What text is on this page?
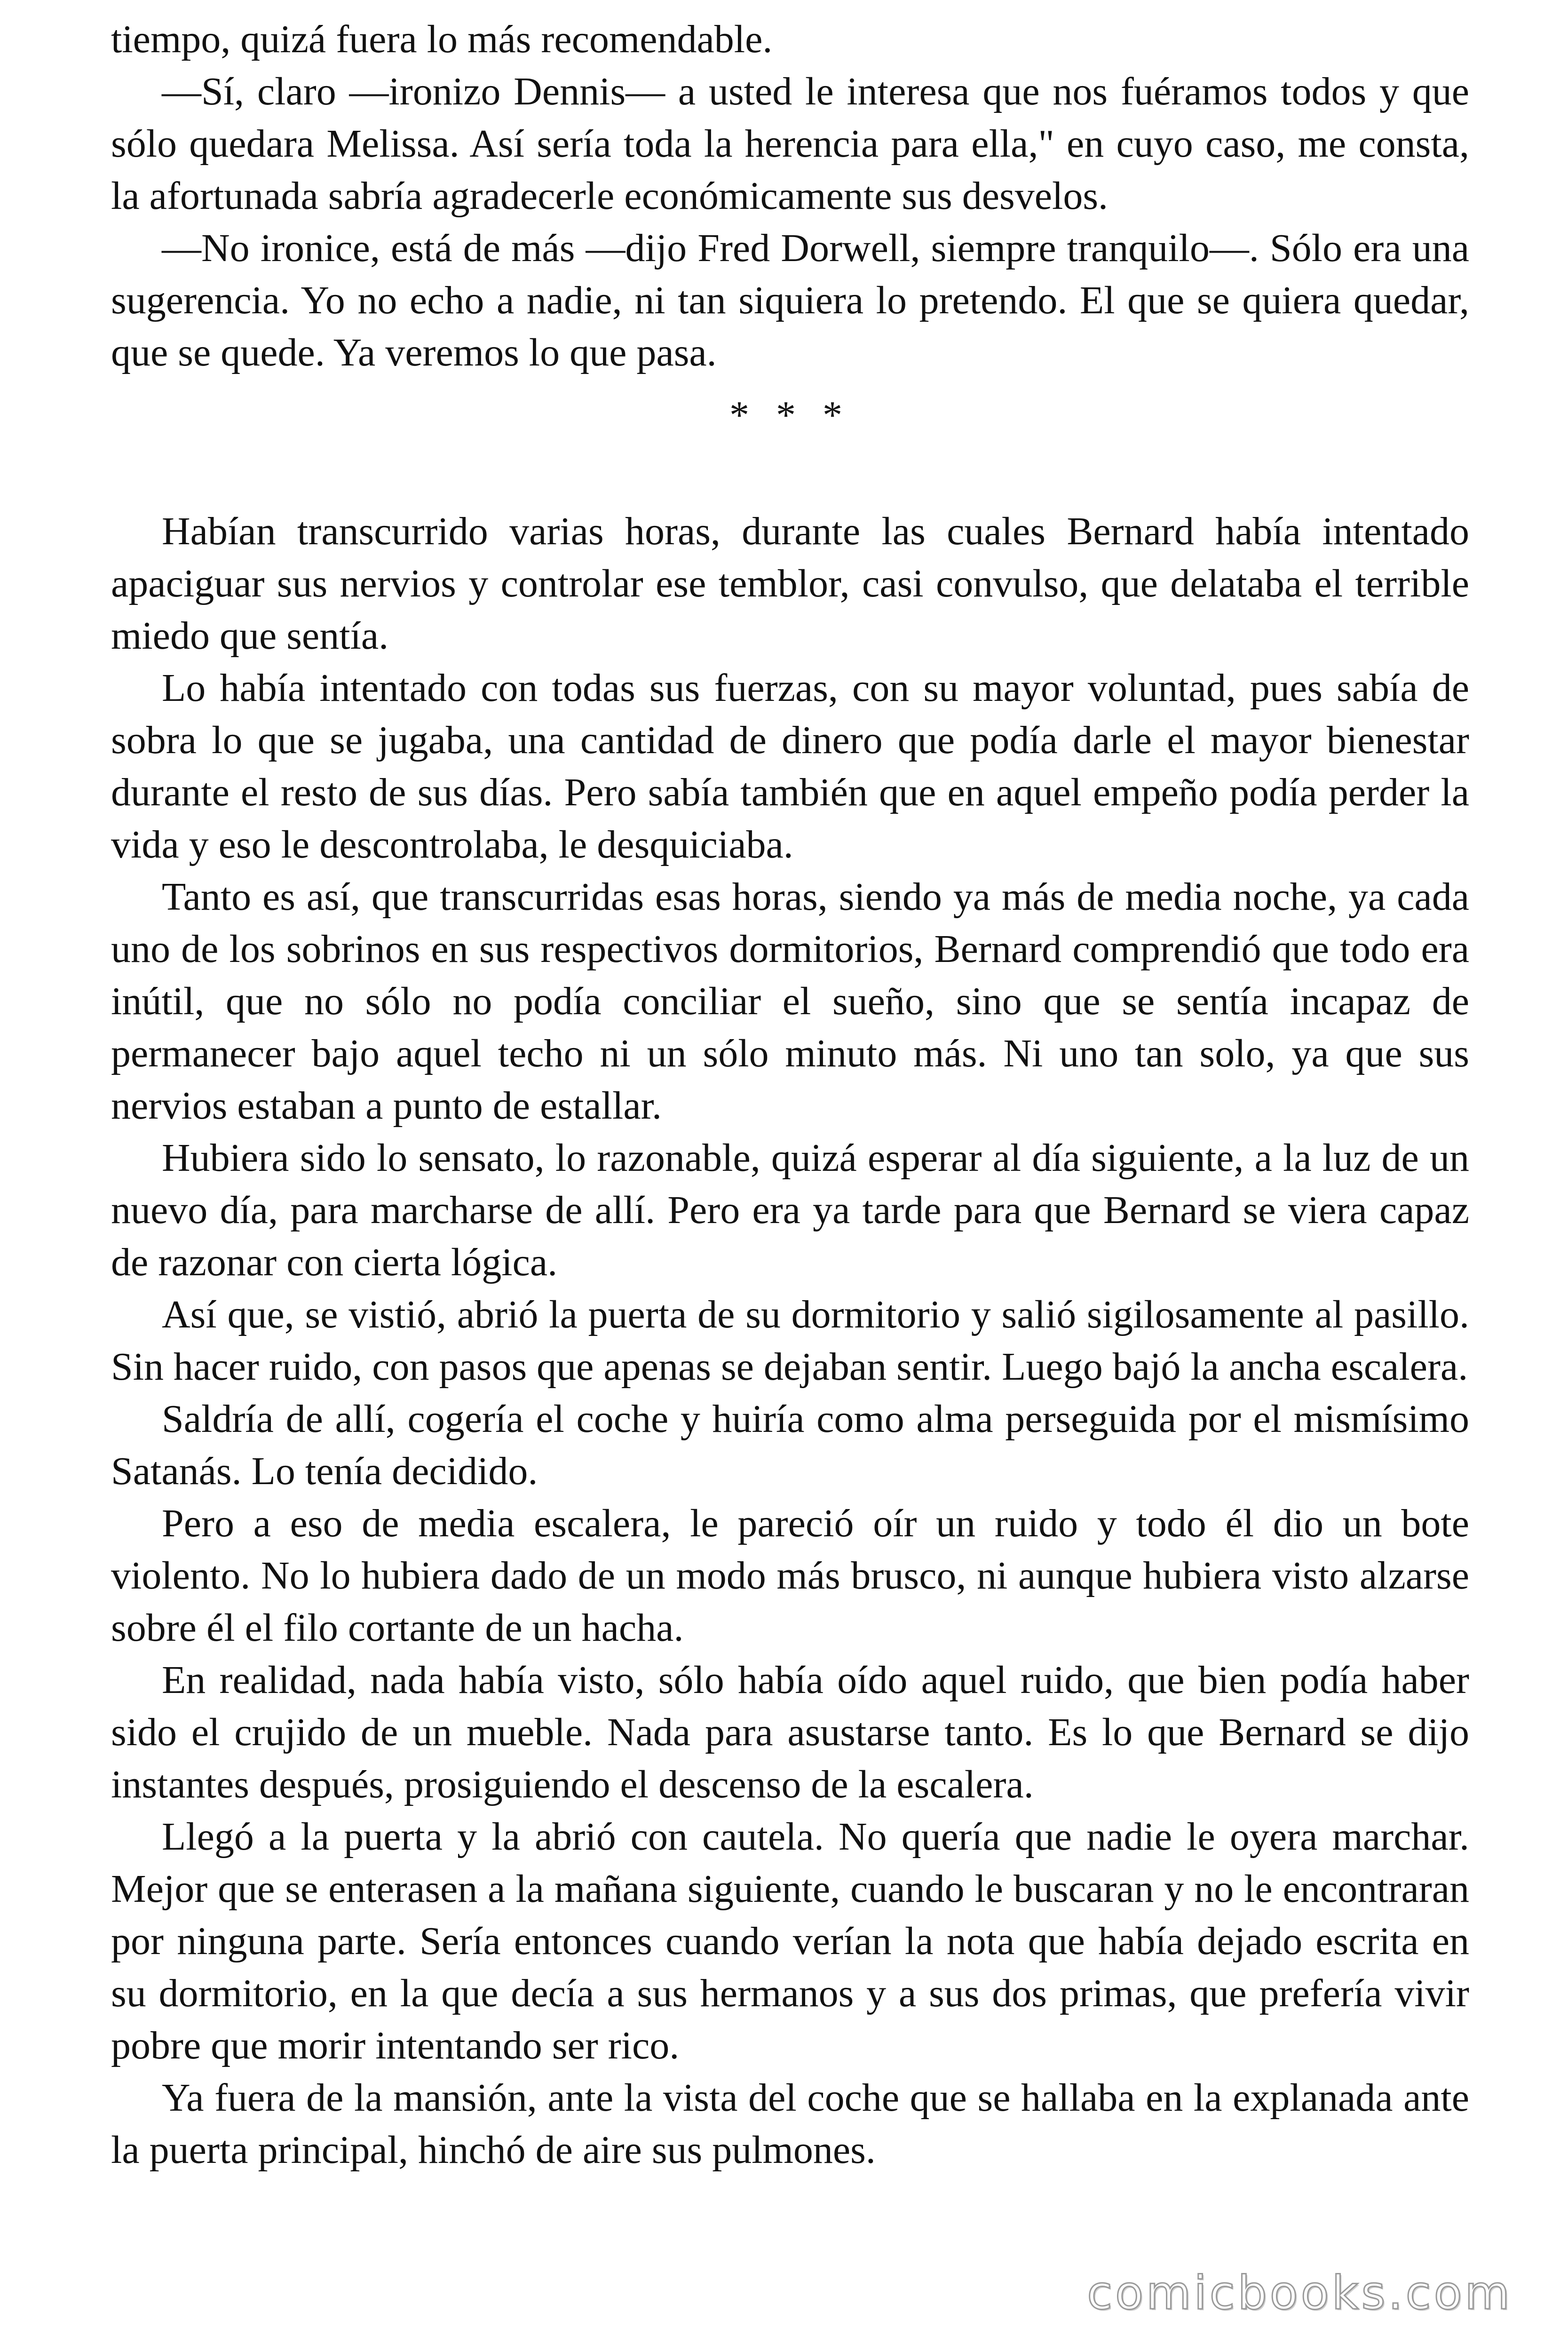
tiempo, quizá fuera lo más recomendable.

—Sí, claro —ironizo Dennis— a usted le interesa que nos fuéramos todos y que sólo quedara Melissa. Así sería toda la herencia para ella," en cuyo caso, me consta, la afortunada sabría agradecerle económicamente sus desvelos.

—No ironice, está de más —dijo Fred Dorwell, siempre tranquilo—. Sólo era una sugerencia. Yo no echo a nadie, ni tan siquiera lo pretendo. El que se quiera quedar, que se quede. Ya veremos lo que pasa.

* * *

Habían transcurrido varias horas, durante las cuales Bernard había intentado apaciguar sus nervios y controlar ese temblor, casi convulso, que delataba el terrible miedo que sentía.

Lo había intentado con todas sus fuerzas, con su mayor voluntad, pues sabía de sobra lo que se jugaba, una cantidad de dinero que podía darle el mayor bienestar durante el resto de sus días. Pero sabía también que en aquel empeño podía perder la vida y eso le descontrolaba, le desquiciaba.

Tanto es así, que transcurridas esas horas, siendo ya más de media noche, ya cada uno de los sobrinos en sus respectivos dormitorios, Bernard comprendió que todo era inútil, que no sólo no podía conciliar el sueño, sino que se sentía incapaz de permanecer bajo aquel techo ni un sólo minuto más. Ni uno tan solo, ya que sus nervios estaban a punto de estallar.

Hubiera sido lo sensato, lo razonable, quizá esperar al día siguiente, a la luz de un nuevo día, para marcharse de allí. Pero era ya tarde para que Bernard se viera capaz de razonar con cierta lógica.

Así que, se vistió, abrió la puerta de su dormitorio y salió sigilosamente al pasillo. Sin hacer ruido, con pasos que apenas se dejaban sentir. Luego bajó la ancha escalera.

Saldría de allí, cogería el coche y huiría como alma perseguida por el mismísimo Satanás. Lo tenía decidido.

Pero a eso de media escalera, le pareció oír un ruido y todo él dio un bote violento. No lo hubiera dado de un modo más brusco, ni aunque hubiera visto alzarse sobre él el filo cortante de un hacha.

En realidad, nada había visto, sólo había oído aquel ruido, que bien podía haber sido el crujido de un mueble. Nada para asustarse tanto. Es lo que Bernard se dijo instantes después, prosiguiendo el descenso de la escalera.

Llegó a la puerta y la abrió con cautela. No quería que nadie le oyera marchar. Mejor que se enterasen a la mañana siguiente, cuando le buscaran y no le encontraran por ninguna parte. Sería entonces cuando verían la nota que había dejado escrita en su dormitorio, en la que decía a sus hermanos y a sus dos primas, que prefería vivir pobre que morir intentando ser rico.

Ya fuera de la mansión, ante la vista del coche que se hallaba en la explanada ante la puerta principal, hinchó de aire sus pulmones.

comicbooks.com
